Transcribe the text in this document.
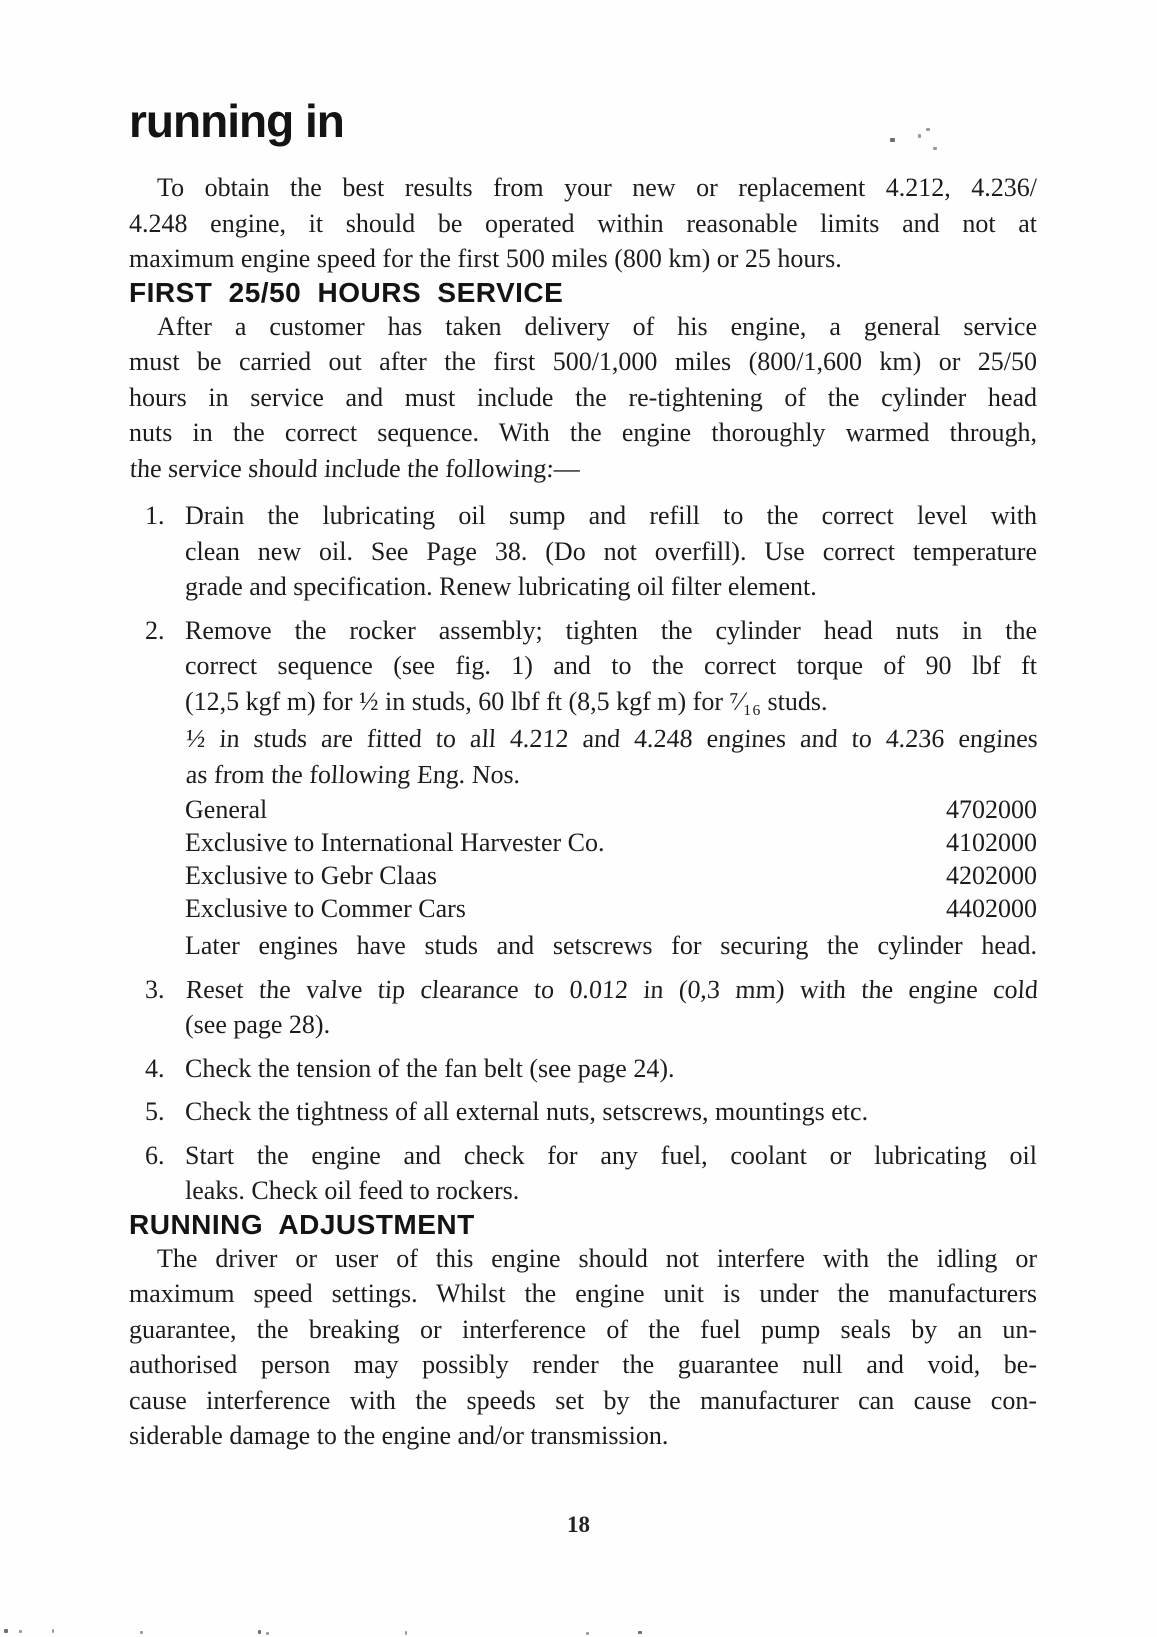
running in
To obtain the best results from your new or replacement 4.212, 4.236/
4.248 engine, it should be operated within reasonable limits and not at
maximum engine speed for the first 500 miles (800 km) or 25 hours.
FIRST 25/50 HOURS SERVICE
After a customer has taken delivery of his engine, a general service
must be carried out after the first 500/1,000 miles (800/1,600 km) or 25/50
hours in service and must include the re-tightening of the cylinder head
nuts in the correct sequence. With the engine thoroughly warmed through,
the service should include the following:—
1. Drain the lubricating oil sump and refill to the correct level with
clean new oil. See Page 38. (Do not overfill). Use correct temperature
grade and specification. Renew lubricating oil filter element.
2. Remove the rocker assembly; tighten the cylinder head nuts in the
correct sequence (see fig. 1) and to the correct torque of 90 lbf ft
(12,5 kgf m) for ½ in studs, 60 lbf ft (8,5 kgf m) for ⁷⁄₁₆ studs.
½ in studs are fitted to all 4.212 and 4.248 engines and to 4.236 engines
as from the following Eng. Nos.
General	4702000
Exclusive to International Harvester Co.	4102000
Exclusive to Gebr Claas	4202000
Exclusive to Commer Cars	4402000
Later engines have studs and setscrews for securing the cylinder head.
3. Reset the valve tip clearance to 0.012 in (0,3 mm) with the engine cold
(see page 28).
4. Check the tension of the fan belt (see page 24).
5. Check the tightness of all external nuts, setscrews, mountings etc.
6. Start the engine and check for any fuel, coolant or lubricating oil
leaks. Check oil feed to rockers.
RUNNING ADJUSTMENT
The driver or user of this engine should not interfere with the idling or
maximum speed settings. Whilst the engine unit is under the manufacturers
guarantee, the breaking or interference of the fuel pump seals by an un-
authorised person may possibly render the guarantee null and void, be-
cause interference with the speeds set by the manufacturer can cause con-
siderable damage to the engine and/or transmission.
18
